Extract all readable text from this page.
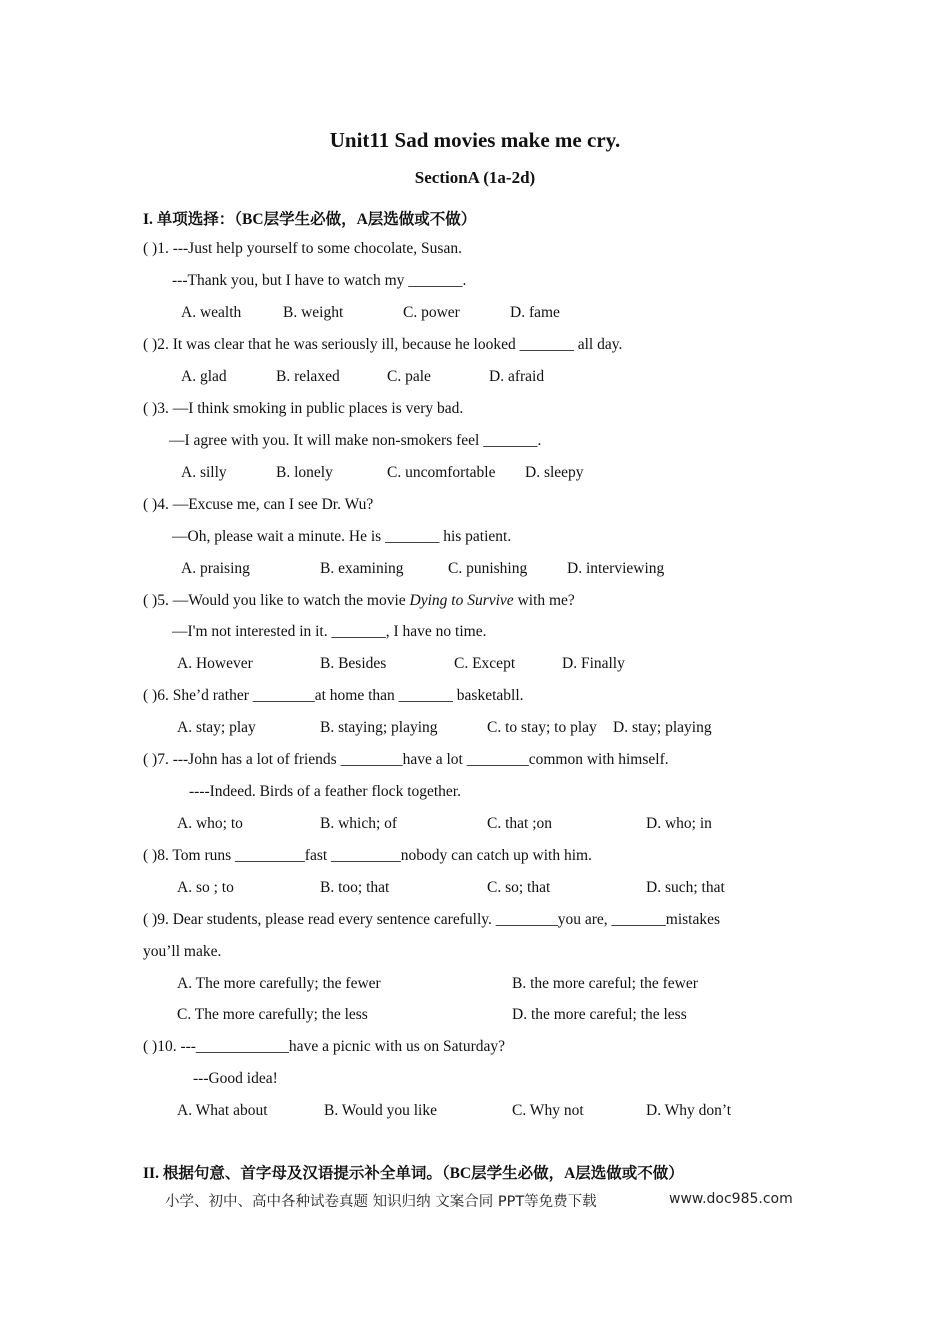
Unit11 Sad movies make me cry.
SectionA (1a-2d)
I. 单项选择：（BC层学生必做，A层选做或不做）
( )1. ---Just help yourself to some chocolate, Susan.
---Thank you, but I have to watch my _______.
A. wealth	B. weight	C. power	D. fame
( )2. It was clear that he was seriously ill, because he looked _______ all day.
A. glad	B. relaxed	C. pale	D. afraid
( )3. —I think smoking in public places is very bad.
—I agree with you. It will make non-smokers feel _______.
A. silly	B. lonely	C. uncomfortable D. sleepy
( )4. —Excuse me, can I see Dr. Wu?
—Oh, please wait a minute. He is _______ his patient.
A. praising	B. examining	C. punishing	D. interviewing
( )5. —Would you like to watch the movie Dying to Survive with me?
—I'm not interested in it. _______, I have no time.
A. However	B. Besides	C. Except	D. Finally
( )6. She’d rather ________at home than _______ basketabll.
A. stay; play	B. staying; playing	C. to stay; to play D. stay; playing
( )7. ---John has a lot of friends ________have a lot ________common with himself.
----Indeed. Birds of a feather flock together.
A. who; to	B. which; of	C. that ;on	D. who; in
( )8. Tom runs _________fast _________nobody can catch up with him.
A. so ; to	B. too; that	C. so; that	D. such; that
( )9. Dear students, please read every sentence carefully. ________you are, _______mistakes
you’ll make.
A. The more carefully; the fewer	B. the more careful; the fewer
C. The more carefully; the less	D. the more careful; the less
( )10. ---____________have a picnic with us on Saturday?
---Good idea!
A. What about	B. Would you like	C. Why not	D. Why don’t
II. 根据句意、首字母及汉语提示补全单词。（BC层学生必做，A层选做或不做）
小学、初中、高中各种试卷真题 知识归纳 文案合同 PPT等免费下载	www.doc985.com
